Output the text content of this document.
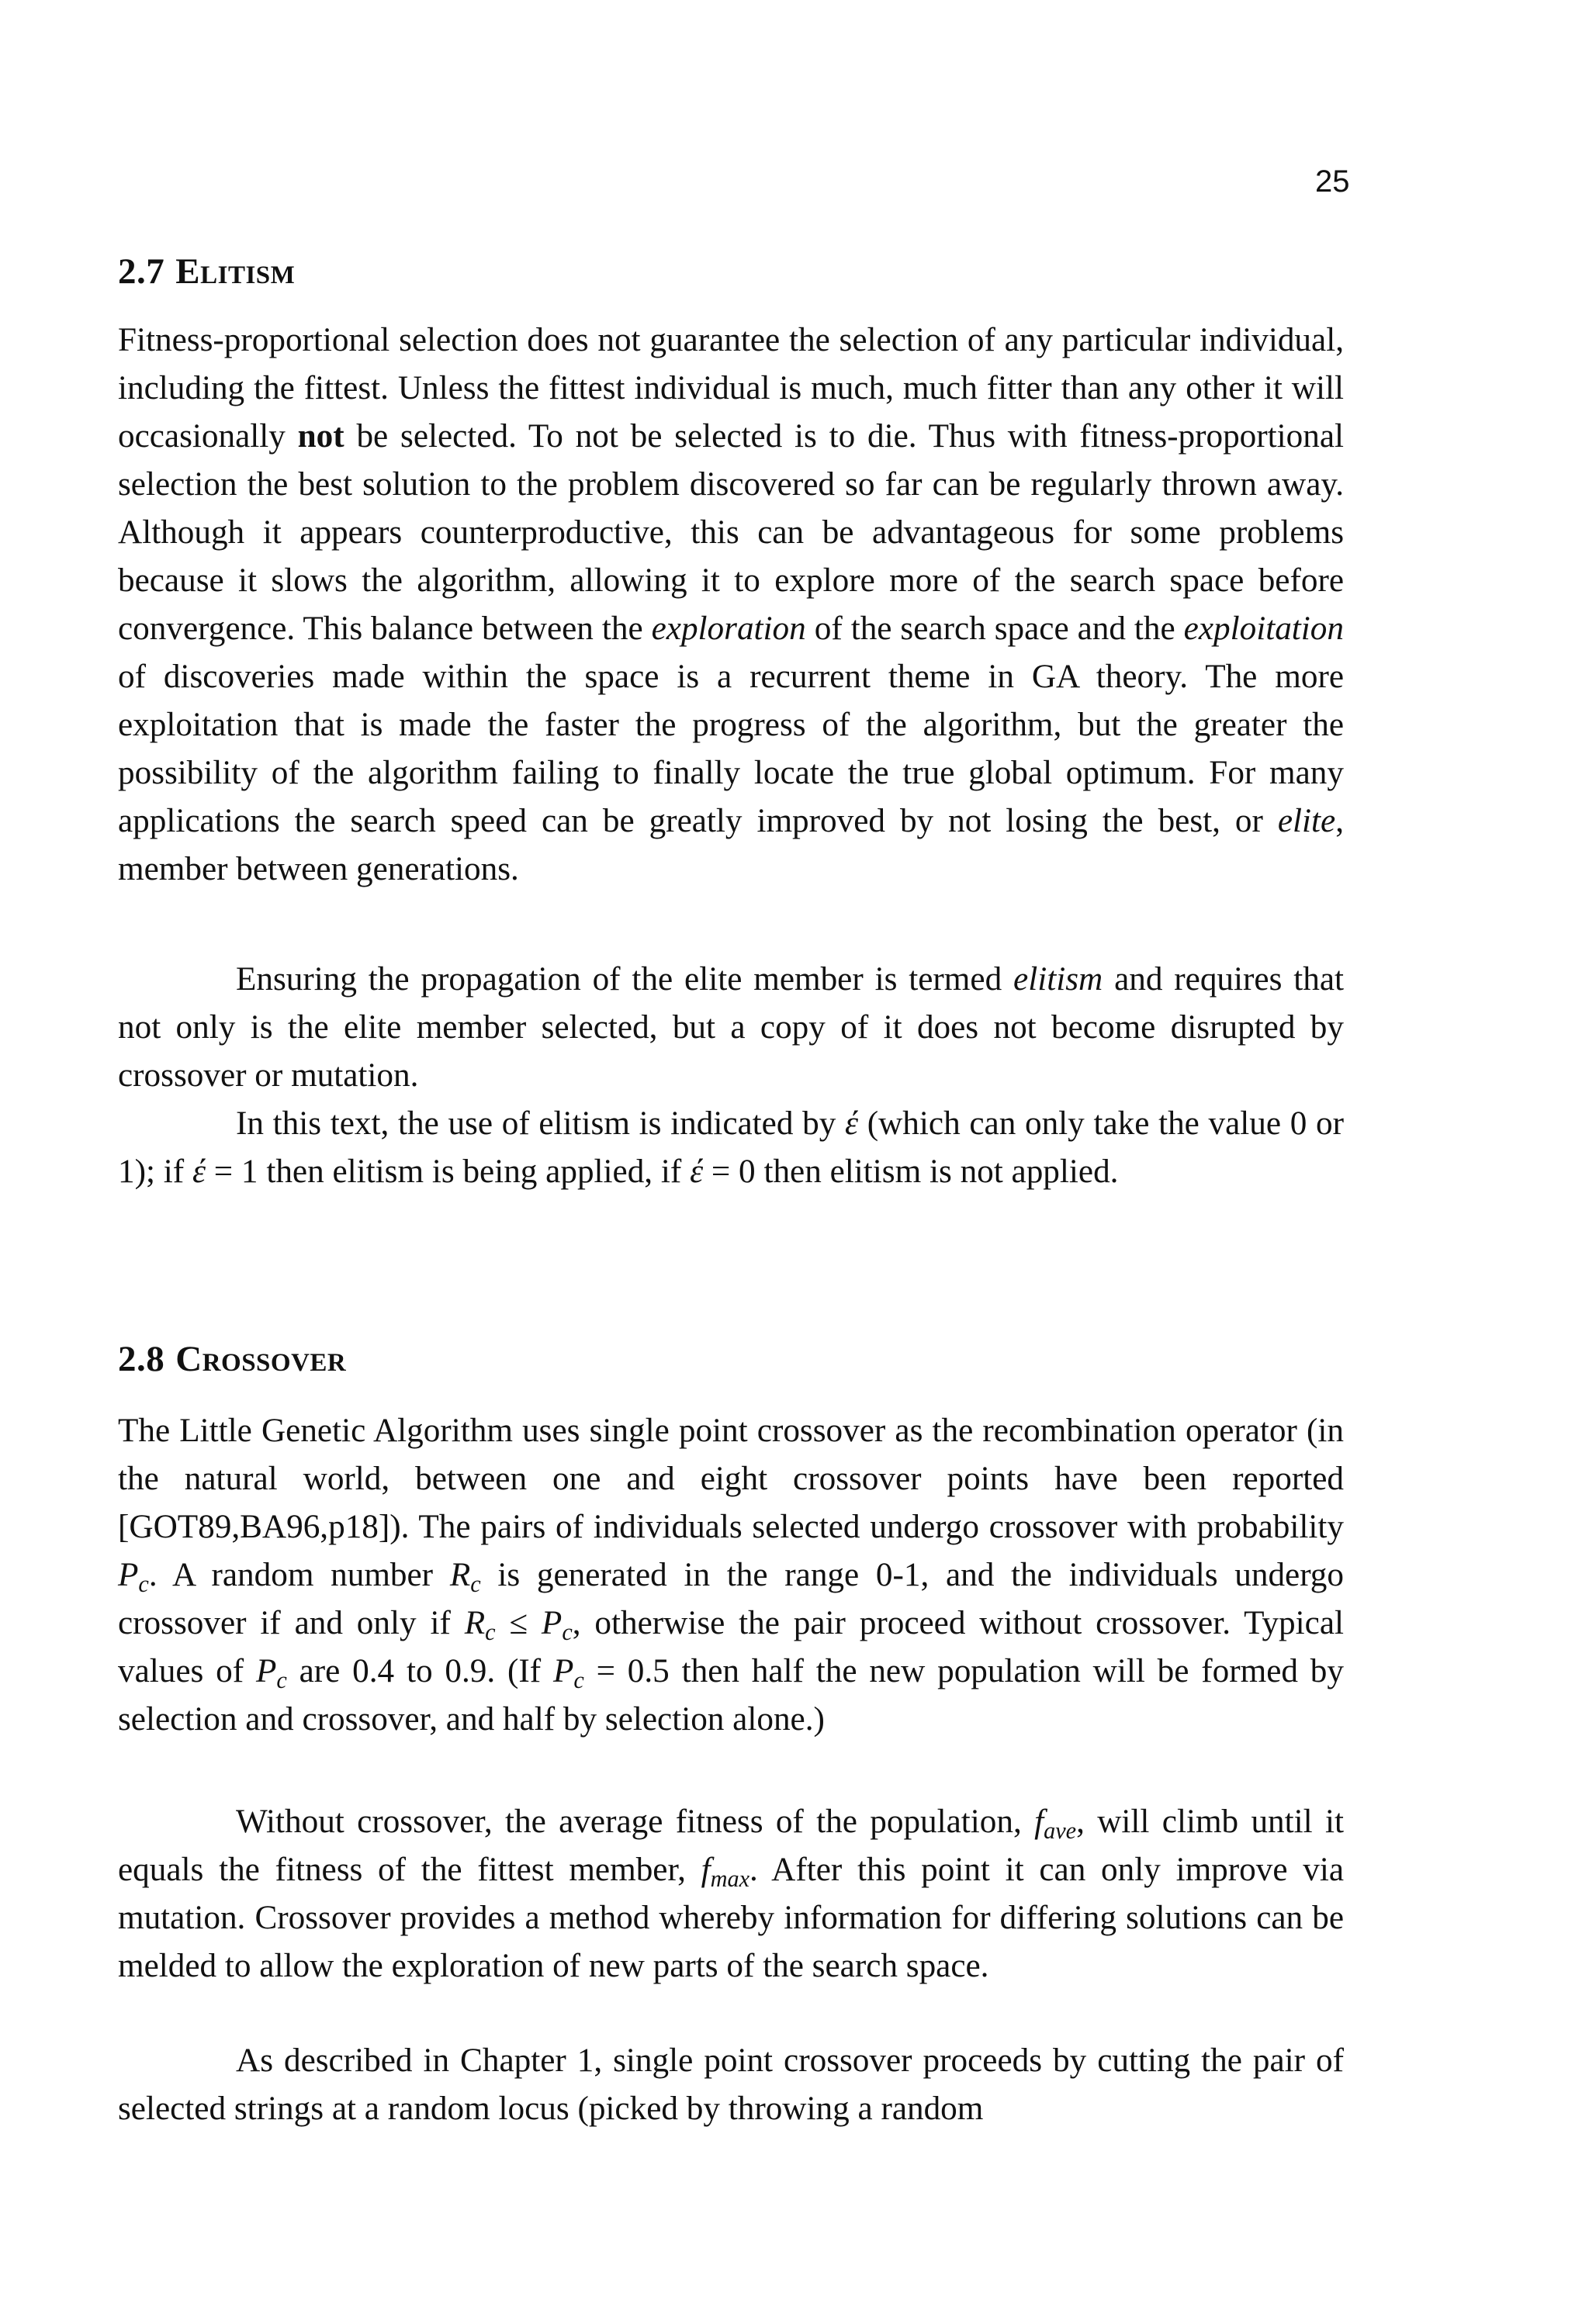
25
2.7 Elitism

Fitness-proportional selection does not guarantee the selection of any particular individual, including the fittest. Unless the fittest individual is much, much fitter than any other it will occasionally not be selected. To not be selected is to die. Thus with fitness-proportional selection the best solution to the problem discovered so far can be regularly thrown away. Although it appears counterproductive, this can be advantageous for some problems because it slows the algorithm, allowing it to explore more of the search space before convergence. This balance between the exploration of the search space and the exploitation of discoveries made within the space is a recurrent theme in GA theory. The more exploitation that is made the faster the progress of the algorithm, but the greater the possibility of the algorithm failing to finally locate the true global optimum. For many applications the search speed can be greatly improved by not losing the best, or elite, member between generations.

Ensuring the propagation of the elite member is termed elitism and requires that not only is the elite member selected, but a copy of it does not become disrupted by crossover or mutation.

In this text, the use of elitism is indicated by έ (which can only take the value 0 or 1); if έ = 1 then elitism is being applied, if έ = 0 then elitism is not applied.

2.8 Crossover

The Little Genetic Algorithm uses single point crossover as the recombination operator (in the natural world, between one and eight crossover points have been reported [GOT89,BA96,p18]). The pairs of individuals selected undergo crossover with probability $P_c$. A random number $R_c$ is generated in the range 0-1, and the individuals undergo crossover if and only if $R_c \le P_c$, otherwise the pair proceed without crossover. Typical values of $P_c$ are 0.4 to 0.9. (If $P_c = 0.5$ then half the new population will be formed by selection and crossover, and half by selection alone.)

Without crossover, the average fitness of the population, $f_{ave}$, will climb until it equals the fitness of the fittest member, $f_{max}$. After this point it can only improve via mutation. Crossover provides a method whereby information for differing solutions can be melded to allow the exploration of new parts of the search space.

As described in Chapter 1, single point crossover proceeds by cutting the pair of selected strings at a random locus (picked by throwing a random
